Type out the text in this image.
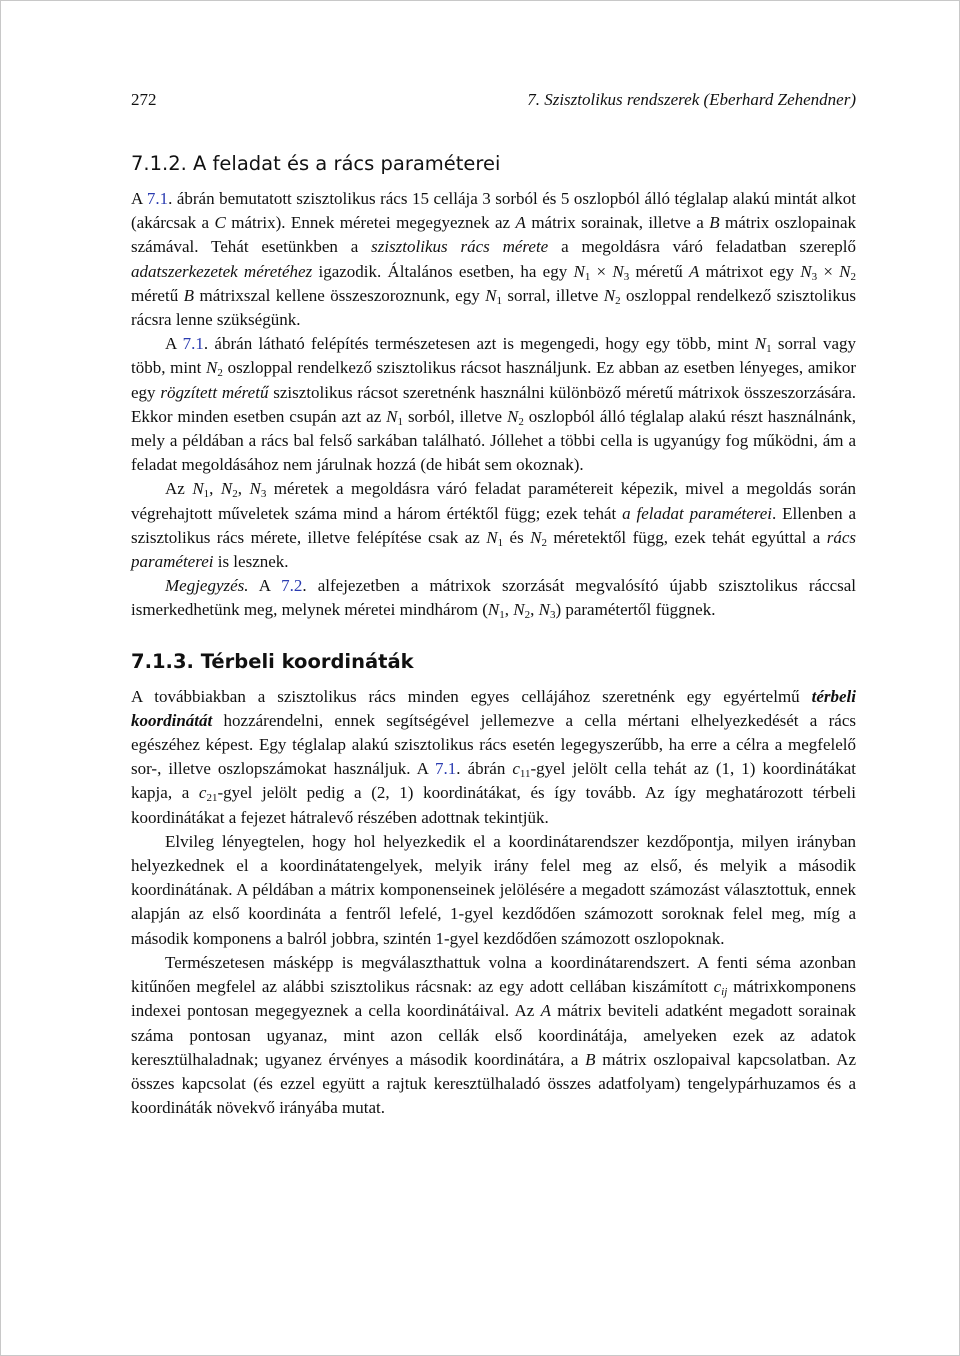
272	7. Szisztolikus rendszerek (Eberhard Zehendner)
7.1.2. A feladat és a rács paraméterei

A 7.1. ábrán bemutatott szisztolikus rács 15 cellája 3 sorból és 5 oszlopból álló téglalap alakú mintát alkot (akárcsak a C mátrix). Ennek méretei megegyeznek az A mátrix sorainak, illetve a B mátrix oszlopainak számával. Tehát esetünkben a szisztolikus rács mérete a megoldásra váró feladatban szereplő adatszerkezetek méretéhez igazodik. Általános esetben, ha egy $N_1 \times N_3$ méretű A mátrixot egy $N_3 \times N_2$ méretű B mátrixszal kellene összeszoroznunk, egy $N_1$ sorral, illetve $N_2$ oszloppal rendelkező szisztolikus rácsra lenne szükségünk.

A 7.1. ábrán látható felépítés természetesen azt is megengedi, hogy egy több, mint $N_1$ sorral vagy több, mint $N_2$ oszloppal rendelkező szisztolikus rácsot használjunk. Ez abban az esetben lényeges, amikor egy rögzített méretű szisztolikus rácsot szeretnénk használni különböző méretű mátrixok összeszorzására. Ekkor minden esetben csupán azt az $N_1$ sorból, illetve $N_2$ oszlopból álló téglalap alakú részt használnánk, mely a példában a rács bal felső sarkában található. Jóllehet a többi cella is ugyanúgy fog működni, ám a feladat megoldásához nem járulnak hozzá (de hibát sem okoznak).

Az $N_1$, $N_2$, $N_3$ méretek a megoldásra váró feladat paramétereit képezik, mivel a megoldás során végrehajtott műveletek száma mind a három értéktől függ; ezek tehát a feladat paraméterei. Ellenben a szisztolikus rács mérete, illetve felépítése csak az $N_1$ és $N_2$ méretektől függ, ezek tehát egyúttal a rács paraméterei is lesznek.

Megjegyzés. A 7.2. alfejezetben a mátrixok szorzását megvalósító újabb szisztolikus ráccsal ismerkedhetünk meg, melynek méretei mindhárom ($N_1$, $N_2$, $N_3$) paramétertől függnek.

7.1.3. Térbeli koordináták

A továbbiakban a szisztolikus rács minden egyes cellájához szeretnénk egy egyértelmű térbeli koordinátát hozzárendelni, ennek segítségével jellemezve a cella mértani elhelyezkedését a rács egészéhez képest. Egy téglalap alakú szisztolikus rács esetén legegyszerűbb, ha erre a célra a megfelelő sor-, illetve oszlopszámokat használjuk. A 7.1. ábrán $c_{11}$-gyel jelölt cella tehát az (1, 1) koordinátákat kapja, a $c_{21}$-gyel jelölt pedig a (2, 1) koordinátákat, és így tovább. Az így meghatározott térbeli koordinátákat a fejezet hátralevő részében adottnak tekintjük.

Elvileg lényegtelen, hogy hol helyezkedik el a koordinátarendszer kezdőpontja, milyen irányban helyezkednek el a koordinátatengelyek, melyik irány felel meg az első, és melyik a második koordinátának. A példában a mátrix komponenseinek jelölésére a megadott számozást választottuk, ennek alapján az első koordináta a fentről lefelé, 1-gyel kezdődően számozott soroknak felel meg, míg a második komponens a balról jobbra, szintén 1-gyel kezdődően számozott oszlopoknak.

Természetesen másképp is megválaszthattuk volna a koordinátarendszert. A fenti séma azonban kitűnően megfelel az alábbi szisztolikus rácsnak: az egy adott cellában kiszámított $c_{ij}$ mátrixkomponens indexei pontosan megegyeznek a cella koordinátáival. Az A mátrix beviteli adatként megadott sorainak száma pontosan ugyanaz, mint azon cellák első koordinátája, amelyeken ezek az adatok keresztülhaladnak; ugyanez érvényes a második koordinátára, a B mátrix oszlopaival kapcsolatban. Az összes kapcsolat (és ezzel együtt a rajtuk keresztülhaladó összes adatfolyam) tengelypárhuzamos és a koordináták növekvő irányába mutat.
